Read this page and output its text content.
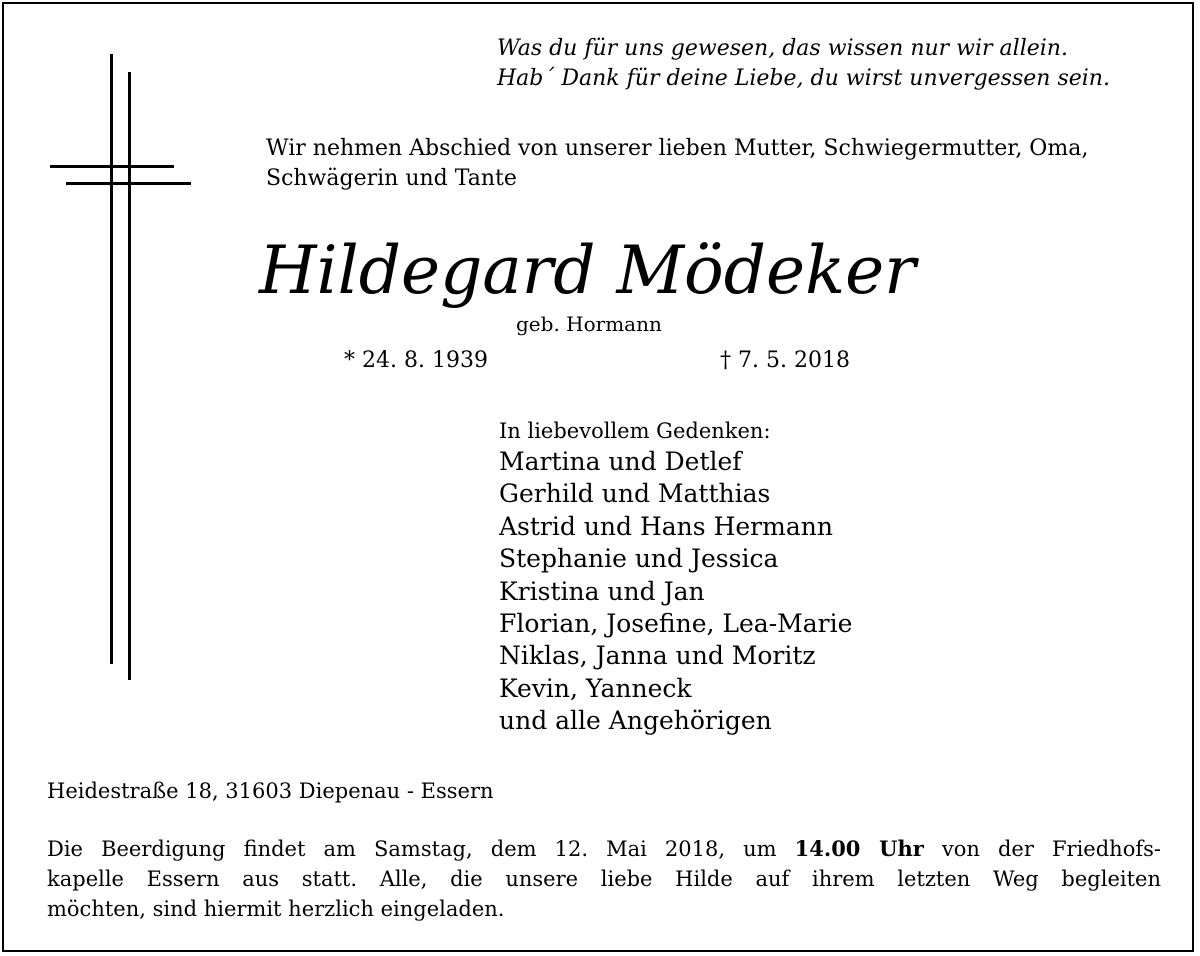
Was du für uns gewesen, das wissen nur wir allein.
Hab´ Dank für deine Liebe, du wirst unvergessen sein.
Wir nehmen Abschied von unserer lieben Mutter, Schwiegermutter, Oma,
Schwägerin und Tante
Hildegard Mödeker
geb. Hormann
* 24. 8. 1939	† 7. 5. 2018
In liebevollem Gedenken:
Martina und Detlef
Gerhild und Matthias
Astrid und Hans Hermann
Stephanie und Jessica
Kristina und Jan
Florian, Josefine, Lea-Marie
Niklas, Janna und Moritz
Kevin, Yanneck
und alle Angehörigen
Heidestraße 18, 31603 Diepenau - Essern
Die Beerdigung findet am Samstag, dem 12. Mai 2018, um 14.00 Uhr von der Friedhofs-
kapelle Essern aus statt. Alle, die unsere liebe Hilde auf ihrem letzten Weg begleiten
möchten, sind hiermit herzlich eingeladen.
